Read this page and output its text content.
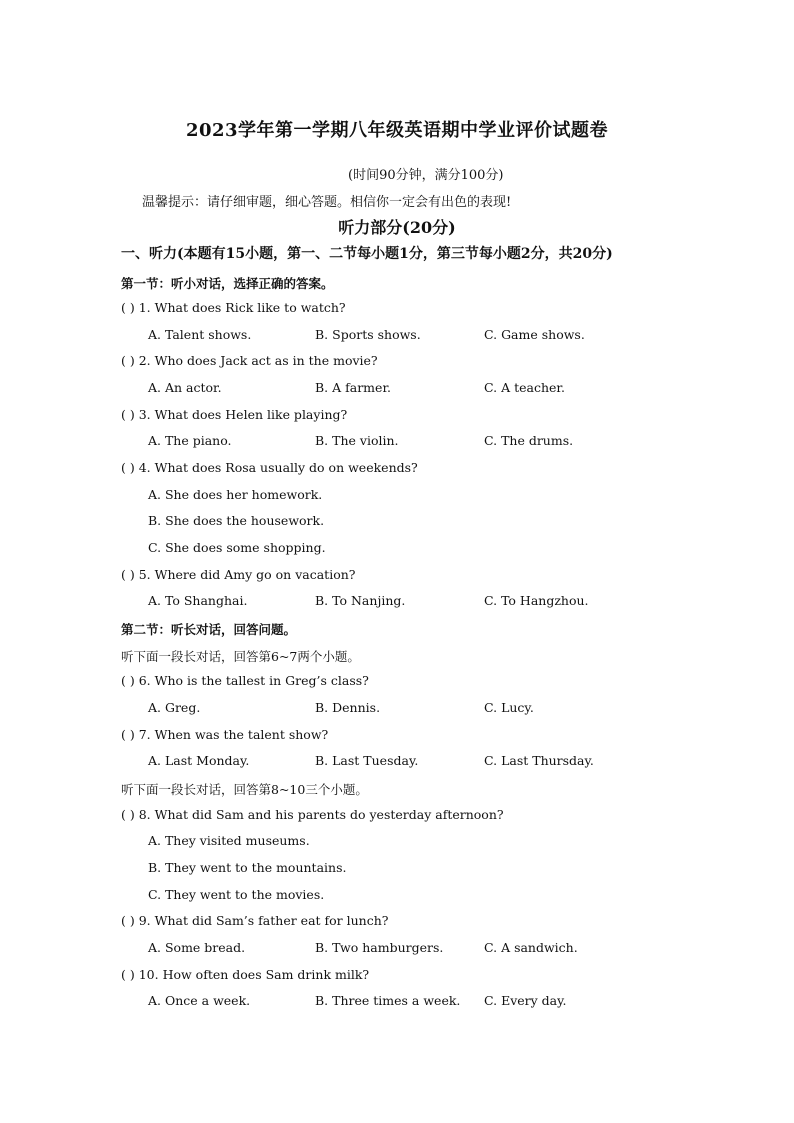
2023学年第一学期八年级英语期中学业评价试题卷
(时间90分钟，满分100分)
温馨提示：请仔细审题，细心答题。相信你一定会有出色的表现!
听力部分(20分)
一、听力(本题有15小题，第一、二节每小题1分，第三节每小题2分，共20分)
第一节：听小对话，选择正确的答案。
( ) 1. What does Rick like to watch?
A. Talent shows.	B. Sports shows.	C. Game shows.
( ) 2. Who does Jack act as in the movie?
A. An actor.	B. A farmer.	C. A teacher.
( ) 3. What does Helen like playing?
A. The piano.	B. The violin.	C. The drums.
( ) 4. What does Rosa usually do on weekends?
A. She does her homework.
B. She does the housework.
C. She does some shopping.
( ) 5. Where did Amy go on vacation?
A. To Shanghai.	B. To Nanjing.	C. To Hangzhou.
第二节：听长对话，回答问题。
听下面一段长对话，回答第6~7两个小题。
( ) 6. Who is the tallest in Greg’s class?
A. Greg.	B. Dennis.	C. Lucy.
( ) 7. When was the talent show?
A. Last Monday.	B. Last Tuesday.	C. Last Thursday.
听下面一段长对话，回答第8~10三个小题。
( ) 8. What did Sam and his parents do yesterday afternoon?
A. They visited museums.
B. They went to the mountains.
C. They went to the movies.
( ) 9. What did Sam’s father eat for lunch?
A. Some bread.	B. Two hamburgers.	C. A sandwich.
( ) 10. How often does Sam drink milk?
A. Once a week.	B. Three times a week. C. Every day.
